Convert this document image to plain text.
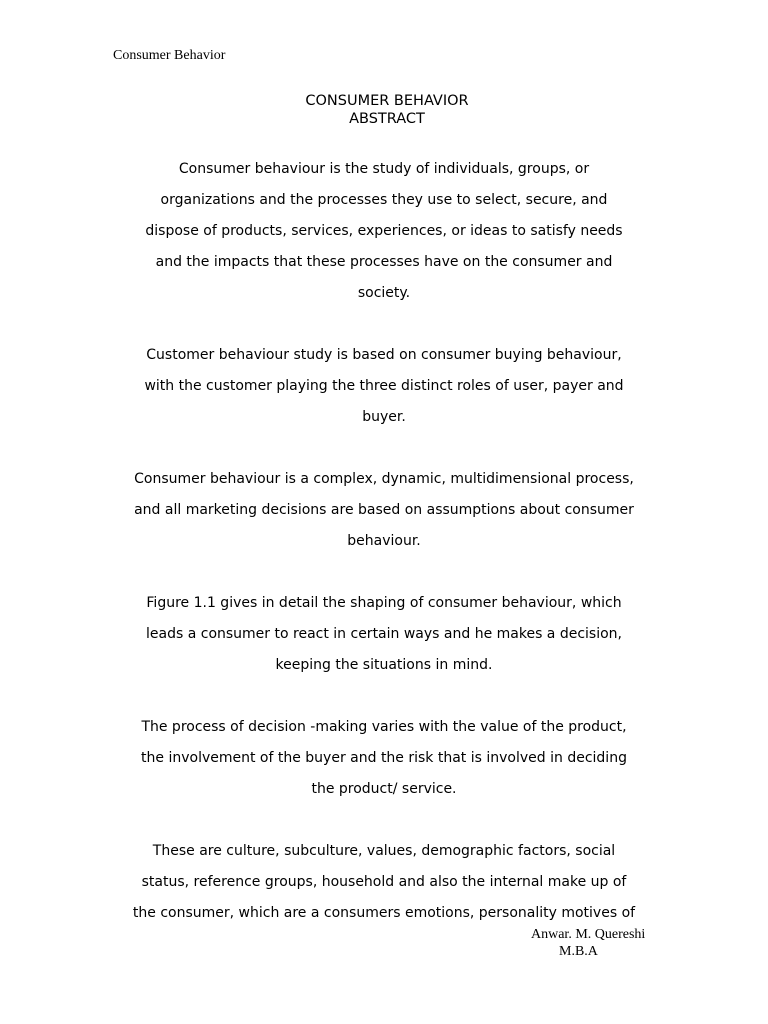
Consumer Behavior
CONSUMER BEHAVIOR
ABSTRACT
Consumer behaviour is the study of individuals, groups, or
organizations and the processes they use to select, secure, and
dispose of products, services, experiences, or ideas to satisfy needs
and the impacts that these processes have on the consumer and
society.
Customer behaviour study is based on consumer buying behaviour,
with the customer playing the three distinct roles of user, payer and
buyer.
Consumer behaviour is a complex, dynamic, multidimensional process,
and all marketing decisions are based on assumptions about consumer
behaviour.
Figure 1.1 gives in detail the shaping of consumer behaviour, which
leads a consumer to react in certain ways and he makes a decision,
keeping the situations in mind.
The process of decision -making varies with the value of the product,
the involvement of the buyer and the risk that is involved in deciding
the product/ service.
These are culture, subculture, values, demographic factors, social
status, reference groups, household and also the internal make up of
the consumer, which are a consumers emotions, personality motives of
Anwar. M. Quereshi
M.B.A
